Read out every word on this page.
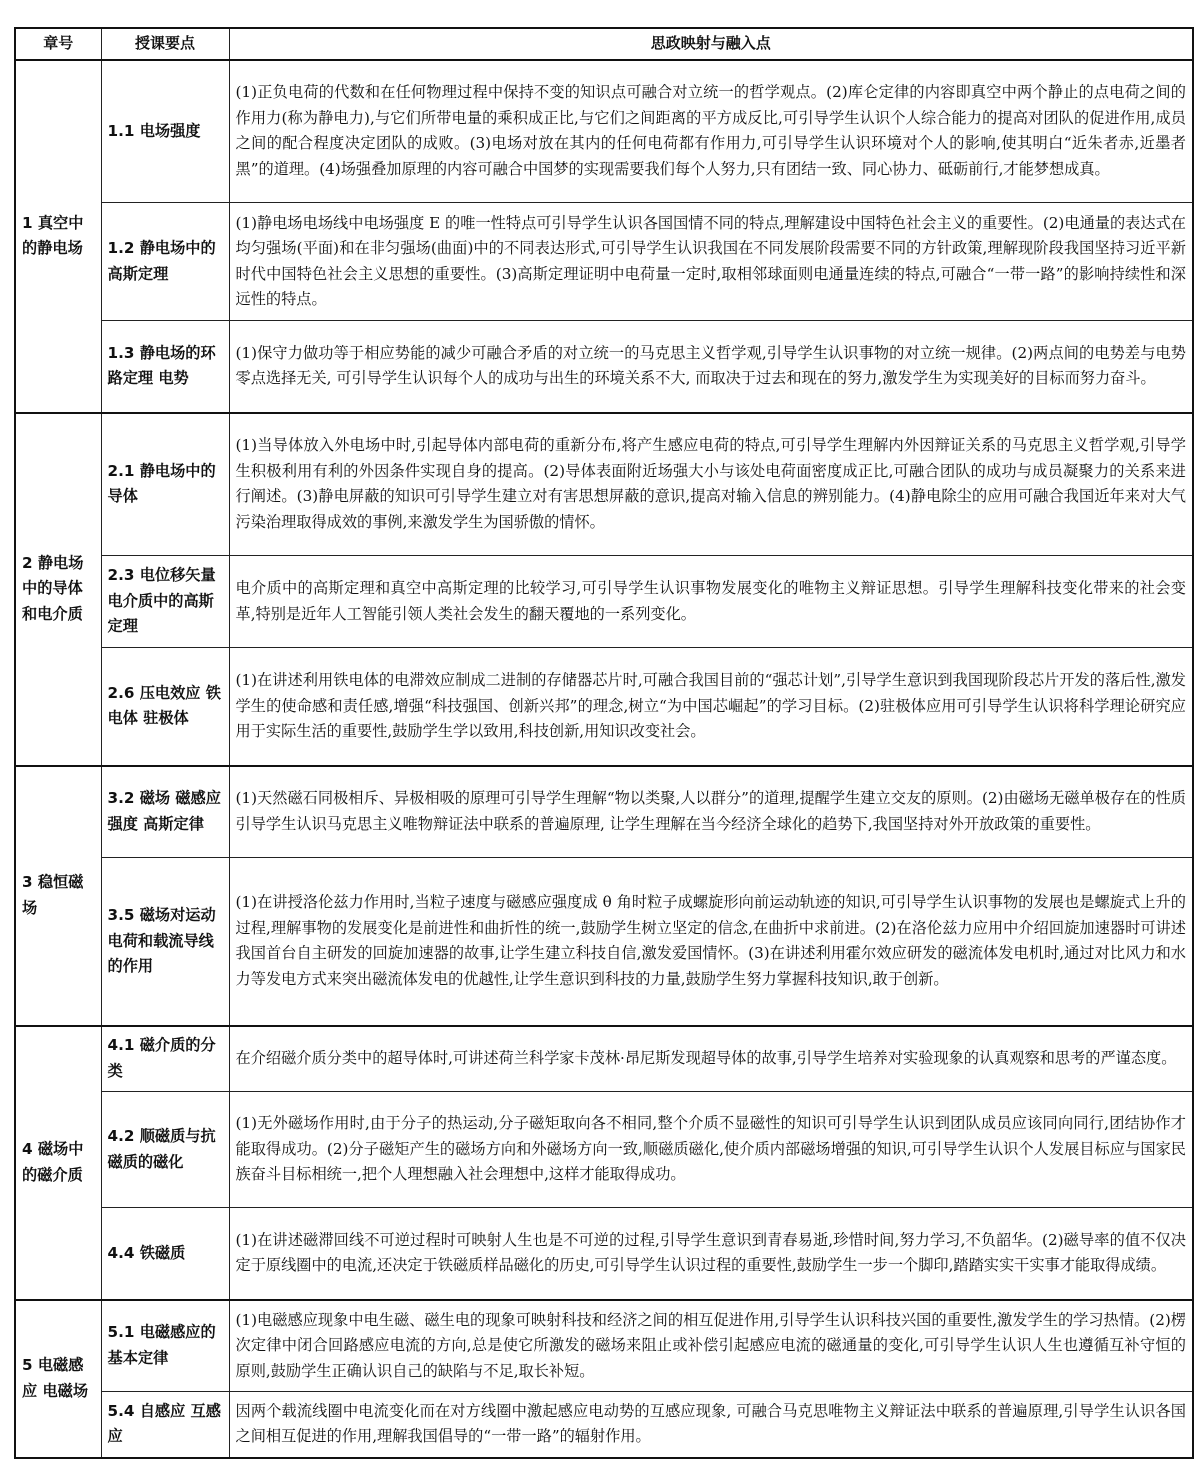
章号	授课要点	思政映射与融入点
1 真空中的静电场	1.1 电场强度	(1)正负电荷的代数和在任何物理过程中保持不变的知识点可融合对立统一的哲学观点。(2)库仑定律的内容即真空中两个静止的点电荷之间的作用力(称为静电力),与它们所带电量的乘积成正比,与它们之间距离的平方成反比,可引导学生认识个人综合能力的提高对团队的促进作用,成员之间的配合程度决定团队的成败。(3)电场对放在其内的任何电荷都有作用力,可引导学生认识环境对个人的影响,使其明白“近朱者赤,近墨者黑”的道理。(4)场强叠加原理的内容可融合中国梦的实现需要我们每个人努力,只有团结一致、同心协力、砥砺前行,才能梦想成真。
	1.2 静电场中的高斯定理	(1)静电场电场线中电场强度 E 的唯一性特点可引导学生认识各国国情不同的特点,理解建设中国特色社会主义的重要性。(2)电通量的表达式在均匀强场(平面)和在非匀强场(曲面)中的不同表达形式,可引导学生认识我国在不同发展阶段需要不同的方针政策,理解现阶段我国坚持习近平新时代中国特色社会主义思想的重要性。(3)高斯定理证明中电荷量一定时,取相邻球面则电通量连续的特点,可融合“一带一路”的影响持续性和深远性的特点。
	1.3 静电场的环路定理 电势	(1)保守力做功等于相应势能的减少可融合矛盾的对立统一的马克思主义哲学观,引导学生认识事物的对立统一规律。(2)两点间的电势差与电势零点选择无关, 可引导学生认识每个人的成功与出生的环境关系不大, 而取决于过去和现在的努力,激发学生为实现美好的目标而努力奋斗。
2 静电场中的导体和电介质	2.1 静电场中的导体	(1)当导体放入外电场中时,引起导体内部电荷的重新分布,将产生感应电荷的特点,可引导学生理解内外因辩证关系的马克思主义哲学观,引导学生积极利用有利的外因条件实现自身的提高。(2)导体表面附近场强大小与该处电荷面密度成正比,可融合团队的成功与成员凝聚力的关系来进行阐述。(3)静电屏蔽的知识可引导学生建立对有害思想屏蔽的意识,提高对输入信息的辨别能力。(4)静电除尘的应用可融合我国近年来对大气污染治理取得成效的事例,来激发学生为国骄傲的情怀。
	2.3 电位移矢量电介质中的高斯定理	电介质中的高斯定理和真空中高斯定理的比较学习,可引导学生认识事物发展变化的唯物主义辩证思想。引导学生理解科技变化带来的社会变革,特别是近年人工智能引领人类社会发生的翻天覆地的一系列变化。
	2.6 压电效应 铁电体 驻极体	(1)在讲述利用铁电体的电滞效应制成二进制的存储器芯片时,可融合我国目前的“强芯计划”,引导学生意识到我国现阶段芯片开发的落后性,激发学生的使命感和责任感,增强“科技强国、创新兴邦”的理念,树立“为中国芯崛起”的学习目标。(2)驻极体应用可引导学生认识将科学理论研究应用于实际生活的重要性,鼓励学生学以致用,科技创新,用知识改变社会。
3 稳恒磁场	3.2 磁场 磁感应强度 高斯定律	(1)天然磁石同极相斥、异极相吸的原理可引导学生理解“物以类聚,人以群分”的道理,提醒学生建立交友的原则。(2)由磁场无磁单极存在的性质引导学生认识马克思主义唯物辩证法中联系的普遍原理, 让学生理解在当今经济全球化的趋势下,我国坚持对外开放政策的重要性。
	3.5 磁场对运动电荷和载流导线的作用	(1)在讲授洛伦兹力作用时,当粒子速度与磁感应强度成 θ 角时粒子成螺旋形向前运动轨迹的知识,可引导学生认识事物的发展也是螺旋式上升的过程,理解事物的发展变化是前进性和曲折性的统一,鼓励学生树立坚定的信念,在曲折中求前进。(2)在洛伦兹力应用中介绍回旋加速器时可讲述我国首台自主研发的回旋加速器的故事,让学生建立科技自信,激发爱国情怀。(3)在讲述利用霍尔效应研发的磁流体发电机时,通过对比风力和水力等发电方式来突出磁流体发电的优越性,让学生意识到科技的力量,鼓励学生努力掌握科技知识,敢于创新。
4 磁场中的磁介质	4.1 磁介质的分类	在介绍磁介质分类中的超导体时,可讲述荷兰科学家卡茂林·昂尼斯发现超导体的故事,引导学生培养对实验现象的认真观察和思考的严谨态度。
	4.2 顺磁质与抗磁质的磁化	(1)无外磁场作用时,由于分子的热运动,分子磁矩取向各不相同,整个介质不显磁性的知识可引导学生认识到团队成员应该同向同行,团结协作才能取得成功。(2)分子磁矩产生的磁场方向和外磁场方向一致,顺磁质磁化,使介质内部磁场增强的知识,可引导学生认识个人发展目标应与国家民族奋斗目标相统一,把个人理想融入社会理想中,这样才能取得成功。
	4.4 铁磁质	(1)在讲述磁滞回线不可逆过程时可映射人生也是不可逆的过程,引导学生意识到青春易逝,珍惜时间,努力学习,不负韶华。(2)磁导率的值不仅决定于原线圈中的电流,还决定于铁磁质样品磁化的历史,可引导学生认识过程的重要性,鼓励学生一步一个脚印,踏踏实实干实事才能取得成绩。
5 电磁感应 电磁场	5.1 电磁感应的基本定律	(1)电磁感应现象中电生磁、磁生电的现象可映射科技和经济之间的相互促进作用,引导学生认识科技兴国的重要性,激发学生的学习热情。(2)楞次定律中闭合回路感应电流的方向,总是使它所激发的磁场来阻止或补偿引起感应电流的磁通量的变化,可引导学生认识人生也遵循互补守恒的原则,鼓励学生正确认识自己的缺陷与不足,取长补短。
	5.4 自感应 互感应	因两个载流线圈中电流变化而在对方线圈中激起感应电动势的互感应现象, 可融合马克思唯物主义辩证法中联系的普遍原理,引导学生认识各国之间相互促进的作用,理解我国倡导的“一带一路”的辐射作用。
